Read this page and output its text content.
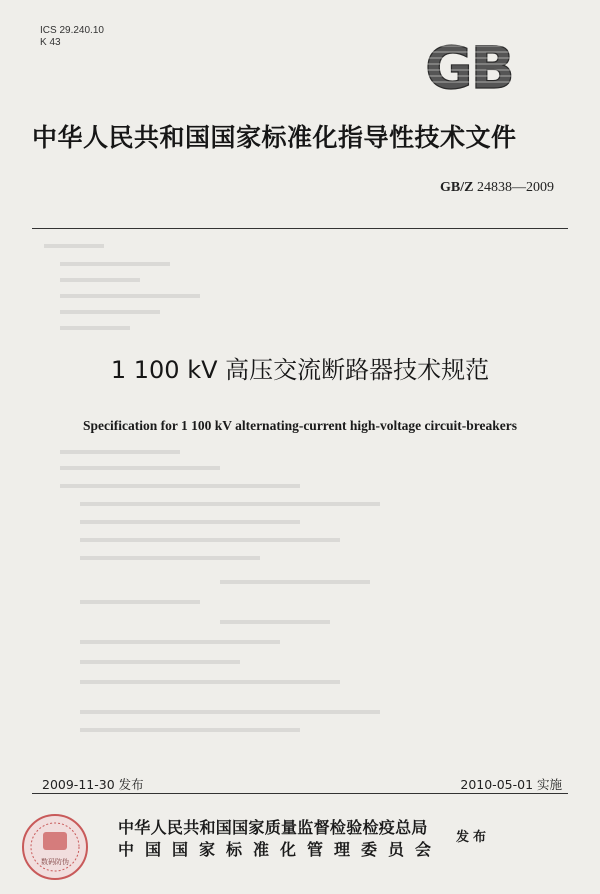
ICS 29.240.10
K 43	GB
中华人民共和国国家标准化指导性技术文件
GB/Z 24838—2009
1 100 kV 高压交流断路器技术规范
Specification for 1 100 kV alternating-current high-voltage circuit-breakers
2009-11-30 发布	2010-05-01 实施
数码防伪
中华人民共和国国家质量监督检验检疫总局
中国国家标准化管理委员会
发布
